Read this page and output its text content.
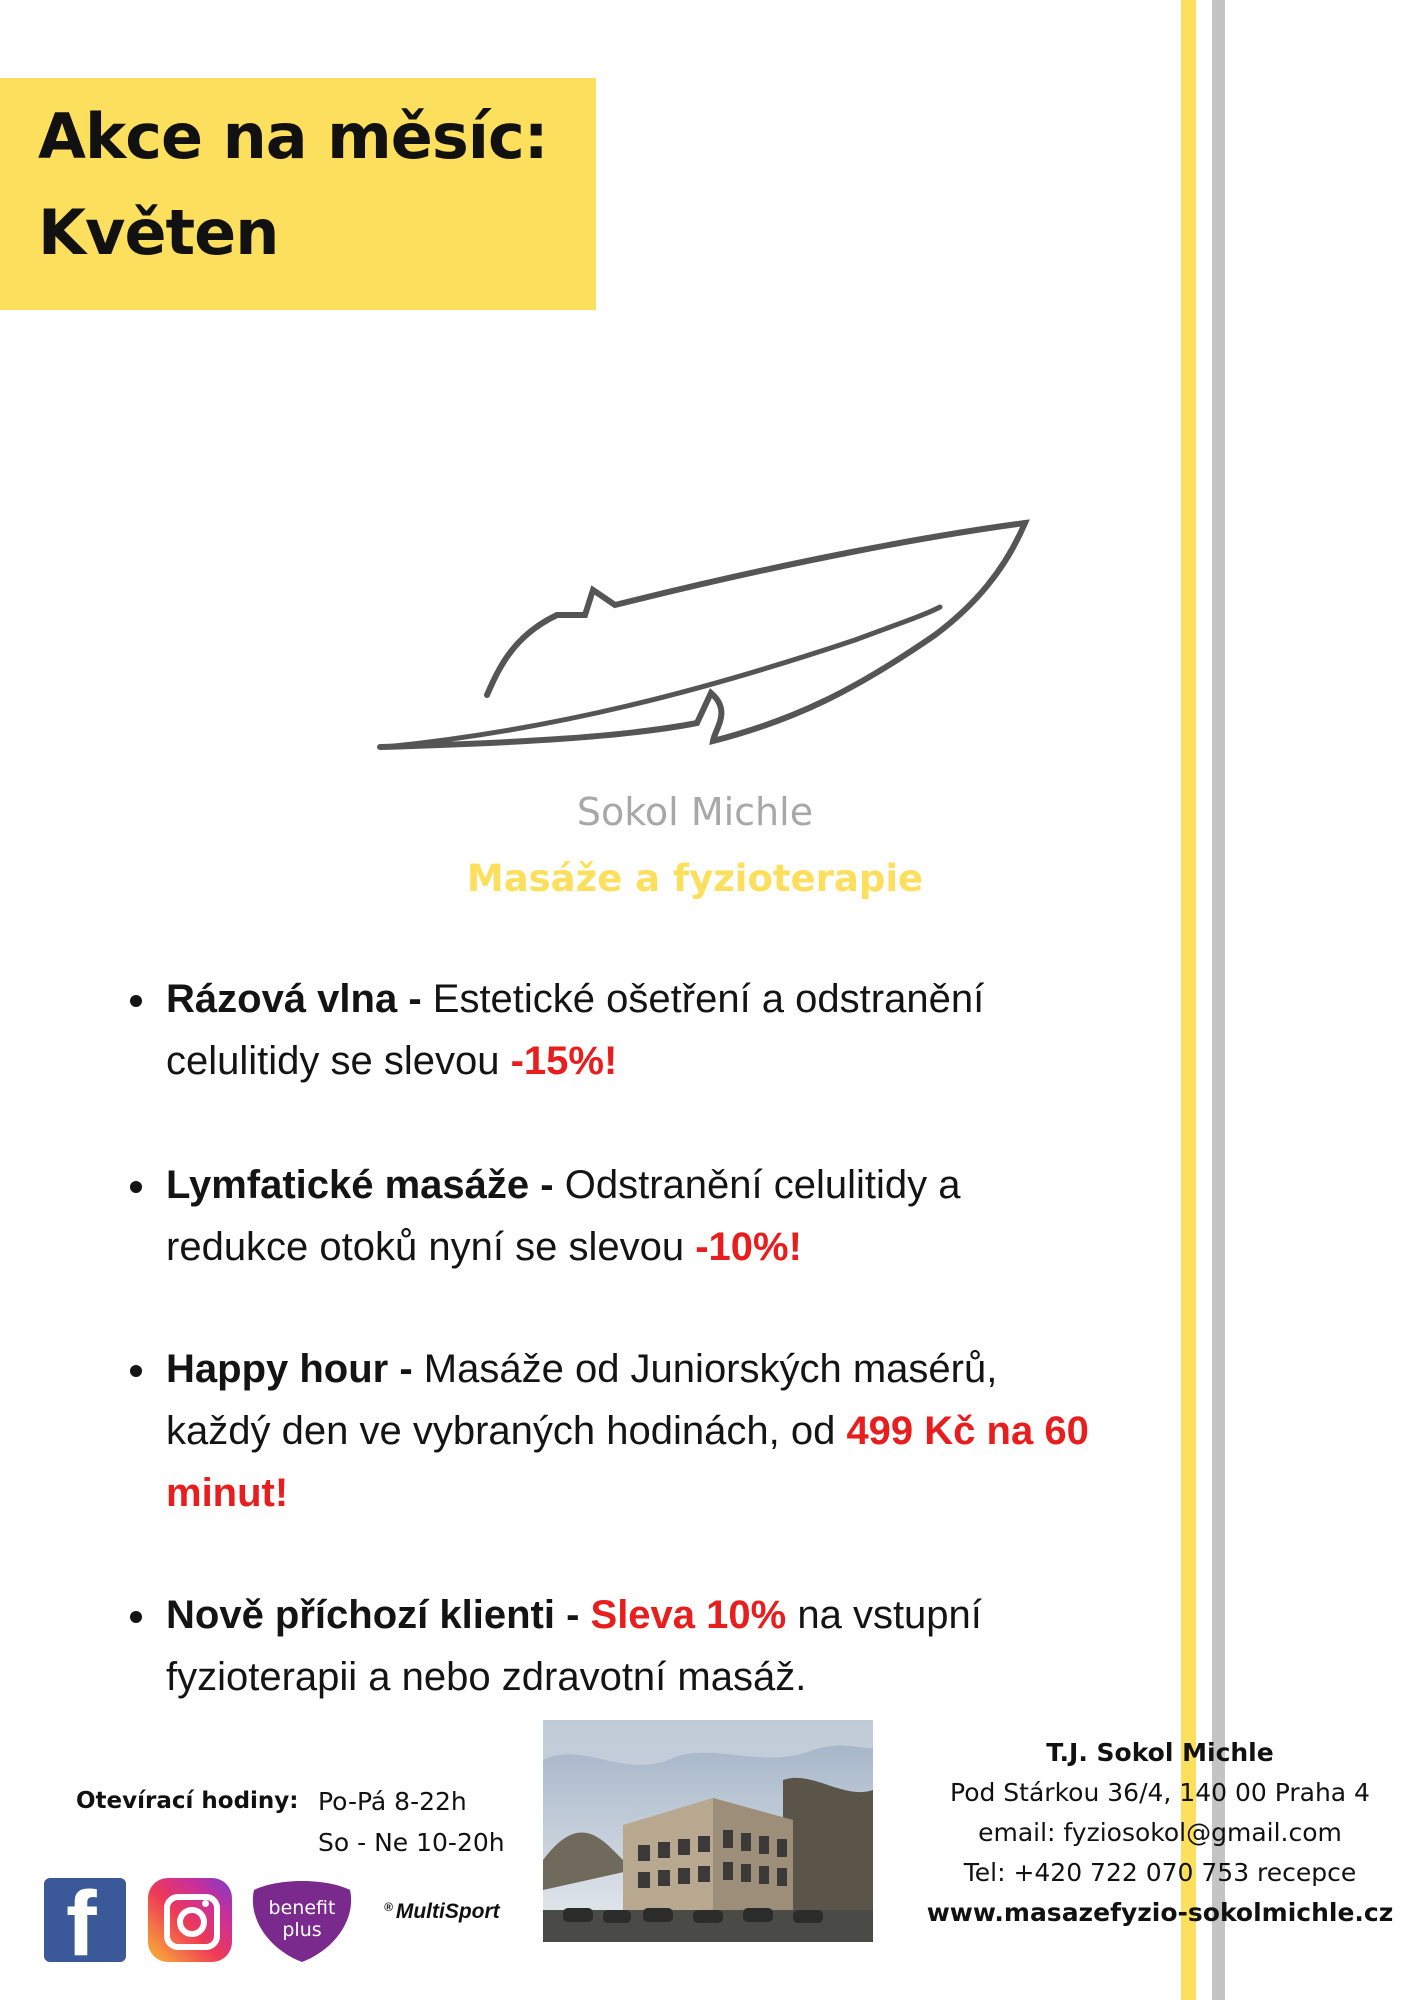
Akce na měsíc:
Květen
Sokol Michle
Masáže a fyzioterapie
Rázová vlna - Estetické ošetření a odstranění celulitidy se slevou -15%!
Lymfatické masáže - Odstranění celulitidy a redukce otoků nyní se slevou -10%!
Happy hour - Masáže od Juniorských masérů, každý den ve vybraných hodinách, od 499 Kč na 60 minut!
Nově příchozí klienti - Sleva 10% na vstupní fyzioterapii a nebo zdravotní masáž.
Otevírací hodiny: Po-Pá 8-22h
So - Ne 10-20h
f	benefit
plus
® MultiSport
T.J. Sokol Michle
Pod Stárkou 36/4, 140 00 Praha 4
email: fyziosokol@gmail.com
Tel: +420 722 070 753 recepce
www.masazefyzio-sokolmichle.cz
